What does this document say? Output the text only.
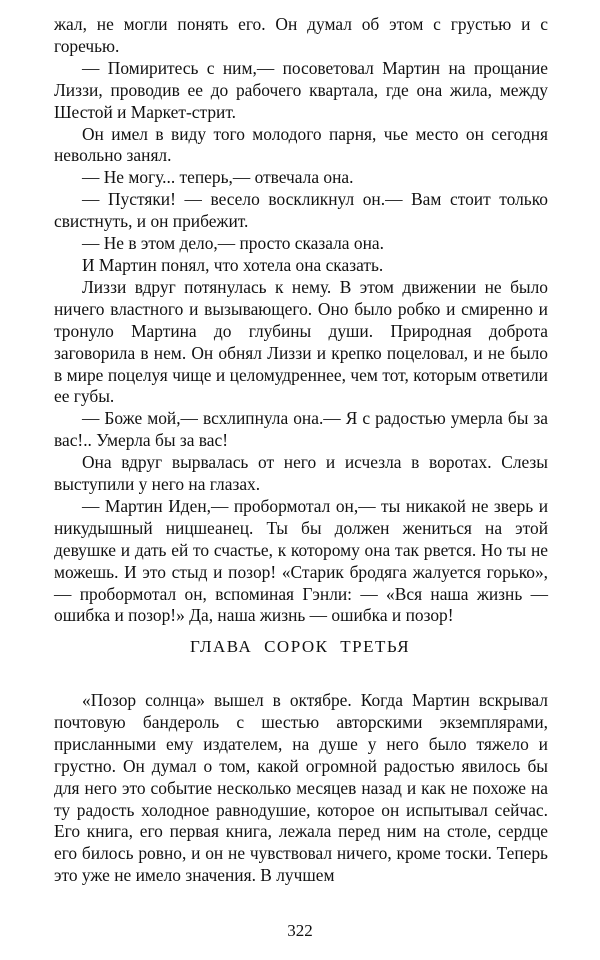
жал, не могли понять его. Он думал об этом с грустью и с горечью.

— Помиритесь с ним,— посоветовал Мартин на прощание Лиззи, проводив ее до рабочего квартала, где она жила, между Шестой и Маркет-стрит.

Он имел в виду того молодого парня, чье место он сегодня невольно занял.

— Не могу... теперь,— отвечала она.

— Пустяки! — весело воскликнул он.— Вам стоит только свистнуть, и он прибежит.

— Не в этом дело,— просто сказала она.

И Мартин понял, что хотела она сказать.

Лиззи вдруг потянулась к нему. В этом движении не было ничего властного и вызывающего. Оно было робко и смиренно и тронуло Мартина до глубины души. Природная доброта заговорила в нем. Он обнял Лиззи и крепко поцеловал, и не было в мире поцелуя чище и целомудреннее, чем тот, которым ответили ее губы.

— Боже мой,— всхлипнула она.— Я с радостью умерла бы за вас!.. Умерла бы за вас!

Она вдруг вырвалась от него и исчезла в воротах. Слезы выступили у него на глазах.

— Мартин Иден,— пробормотал он,— ты никакой не зверь и никудышный ницшеанец. Ты бы должен жениться на этой девушке и дать ей то счастье, к которому она так рвется. Но ты не можешь. И это стыд и позор! «Старик бродяга жалуется горько»,— пробормотал он, вспоминая Гэнли: — «Вся наша жизнь — ошибка и позор!» Да, наша жизнь — ошибка и позор!

ГЛАВА СОРОК ТРЕТЬЯ

«Позор солнца» вышел в октябре. Когда Мартин вскрывал почтовую бандероль с шестью авторскими экземплярами, присланными ему издателем, на душе у него было тяжело и грустно. Он думал о том, какой огромной радостью явилось бы для него это событие несколько месяцев назад и как не похоже на ту радость холодное равнодушие, которое он испытывал сейчас. Его книга, его первая книга, лежала перед ним на столе, сердце его билось ровно, и он не чувствовал ничего, кроме тоски. Теперь это уже не имело значения. В лучшем

322
